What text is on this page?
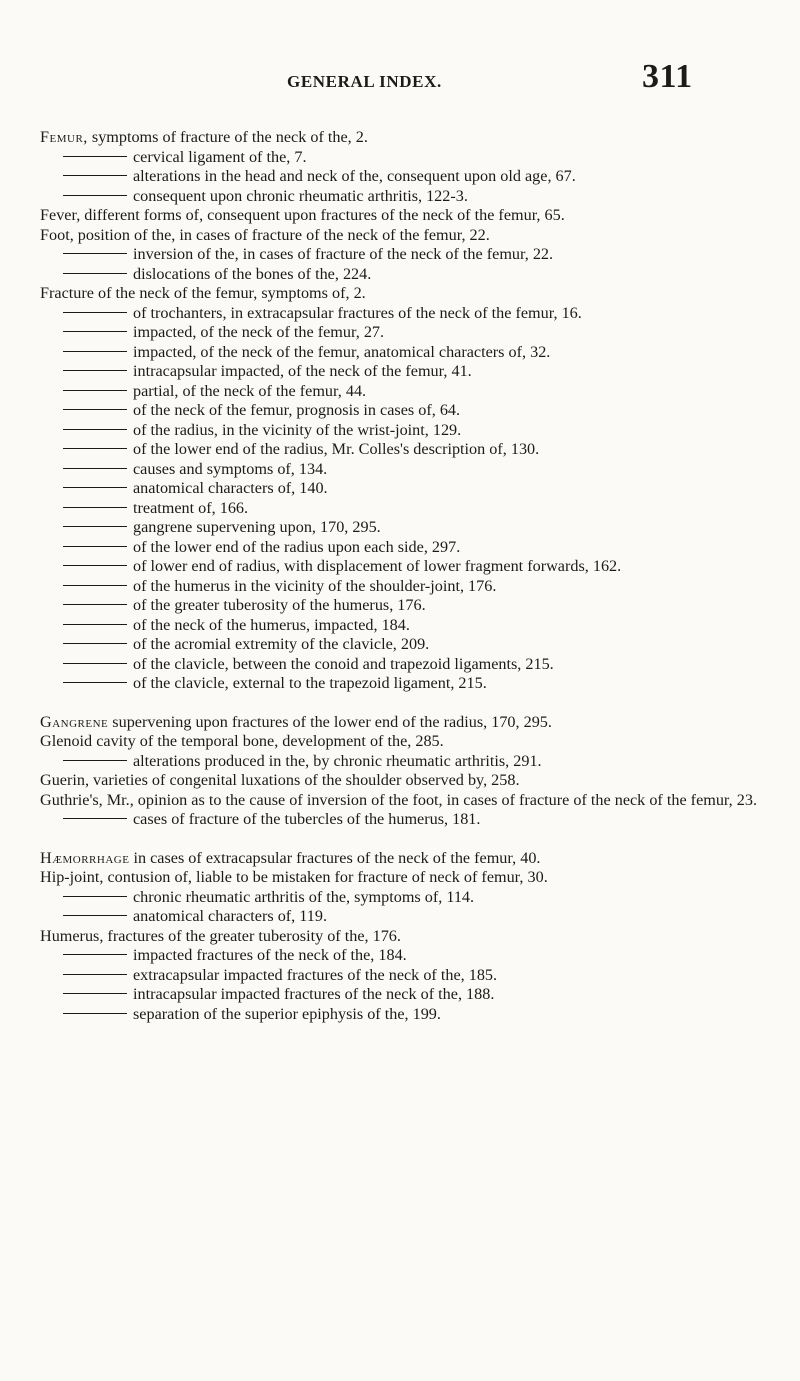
GENERAL INDEX.	311
Femur, symptoms of fracture of the neck of the, 2.
cervical ligament of the, 7.
alterations in the head and neck of the, consequent upon old age, 67.
consequent upon chronic rheumatic arthritis, 122-3.
Fever, different forms of, consequent upon fractures of the neck of the femur, 65.
Foot, position of the, in cases of fracture of the neck of the femur, 22.
inversion of the, in cases of fracture of the neck of the femur, 22.
dislocations of the bones of the, 224.
Fracture of the neck of the femur, symptoms of, 2.
of trochanters, in extracapsular fractures of the neck of the femur, 16.
impacted, of the neck of the femur, 27.
impacted, of the neck of the femur, anatomical characters of, 32.
intracapsular impacted, of the neck of the femur, 41.
partial, of the neck of the femur, 44.
of the neck of the femur, prognosis in cases of, 64.
of the radius, in the vicinity of the wrist-joint, 129.
of the lower end of the radius, Mr. Colles's description of, 130.
causes and symptoms of, 134.
anatomical characters of, 140.
treatment of, 166.
gangrene supervening upon, 170, 295.
of the lower end of the radius upon each side, 297.
of lower end of radius, with displacement of lower fragment forwards, 162.
of the humerus in the vicinity of the shoulder-joint, 176.
of the greater tuberosity of the humerus, 176.
of the neck of the humerus, impacted, 184.
of the acromial extremity of the clavicle, 209.
of the clavicle, between the conoid and trapezoid ligaments, 215.
of the clavicle, external to the trapezoid ligament, 215.
Gangrene supervening upon fractures of the lower end of the radius, 170, 295.
Glenoid cavity of the temporal bone, development of the, 285.
alterations produced in the, by chronic rheumatic arthritis, 291.
Guerin, varieties of congenital luxations of the shoulder observed by, 258.
Guthrie's, Mr., opinion as to the cause of inversion of the foot, in cases of fracture of the neck of the femur, 23.
cases of fracture of the tubercles of the humerus, 181.
Hæmorrhage in cases of extracapsular fractures of the neck of the femur, 40.
Hip-joint, contusion of, liable to be mistaken for fracture of neck of femur, 30.
chronic rheumatic arthritis of the, symptoms of, 114.
anatomical characters of, 119.
Humerus, fractures of the greater tuberosity of the, 176.
impacted fractures of the neck of the, 184.
extracapsular impacted fractures of the neck of the, 185.
intracapsular impacted fractures of the neck of the, 188.
separation of the superior epiphysis of the, 199.
